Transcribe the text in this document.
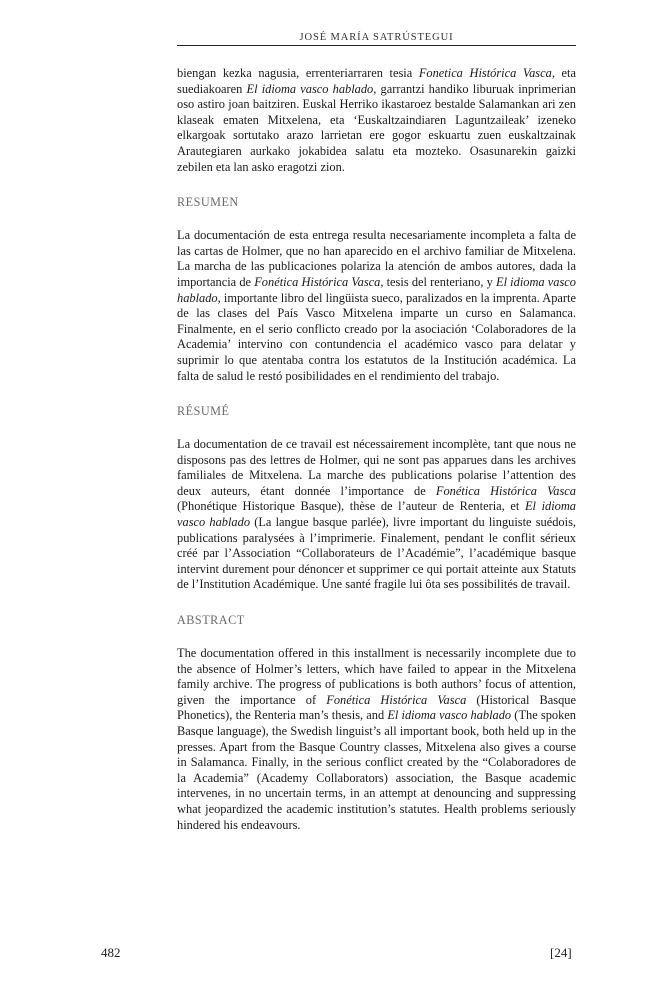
JOSÉ MARÍA SATRÚSTEGUI

biengan kezka nagusia, errenteriarraren tesia Fonetica Histórica Vasca, eta suediakoaren El idioma vasco hablado, garrantzi handiko liburuak inprimerian oso astiro joan baitziren. Euskal Herriko ikastaroez bestalde Salamankan ari zen klaseak ematen Mitxelena, eta ‘Euskaltzaindiaren Laguntzaileak’ izeneko elkargoak sortutako arazo larrietan ere gogor eskuartu zuen euskaltzainak Arautegiaren aurkako jokabidea salatu eta mozteko. Osasunarekin gaizki zebilen eta lan asko eragotzi zion.

RESUMEN

La documentación de esta entrega resulta necesariamente incompleta a falta de las cartas de Holmer, que no han aparecido en el archivo familiar de Mitxelena. La marcha de las publicaciones polariza la atención de ambos autores, dada la importancia de Fonética Histórica Vasca, tesis del renteriano, y El idioma vasco hablado, importante libro del lingüista sueco, paralizados en la imprenta. Aparte de las clases del País Vasco Mitxelena imparte un curso en Salamanca. Finalmente, en el serio conflicto creado por la asociación ‘Colaboradores de la Academia’ intervino con contundencia el académico vasco para delatar y suprimir lo que atentaba contra los estatutos de la Institución académica. La falta de salud le restó posibilidades en el rendimiento del trabajo.

RÉSUMÉ

La documentation de ce travail est nécessairement incomplète, tant que nous ne disposons pas des lettres de Holmer, qui ne sont pas apparues dans les archives familiales de Mitxelena. La marche des publications polarise l’attention des deux auteurs, étant donnée l’importance de Fonética Histórica Vasca (Phonétique Historique Basque), thèse de l’auteur de Renteria, et El idioma vasco hablado (La langue basque parlée), livre important du linguiste suédois, publications paralysées à l’imprimerie. Finalement, pendant le conflit sérieux créé par l’Association “Collaborateurs de l’Académie”, l’académique basque intervint durement pour dénoncer et supprimer ce qui portait atteinte aux Statuts de l’Institution Académique. Une santé fragile lui ôta ses possibilités de travail.

ABSTRACT

The documentation offered in this installment is necessarily incomplete due to the absence of Holmer’s letters, which have failed to appear in the Mitxelena family archive. The progress of publications is both authors’ focus of attention, given the importance of Fonética Histórica Vasca (Historical Basque Phonetics), the Renteria man’s thesis, and El idioma vasco hablado (The spoken Basque language), the Swedish linguist’s all important book, both held up in the presses. Apart from the Basque Country classes, Mitxelena also gives a course in Salamanca. Finally, in the serious conflict created by the “Colaboradores de la Academia” (Academy Collaborators) association, the Basque academic intervenes, in no uncertain terms, in an attempt at denouncing and suppressing what jeopardized the academic institution’s statutes. Health problems seriously hindered his endeavours.

482	[24]
